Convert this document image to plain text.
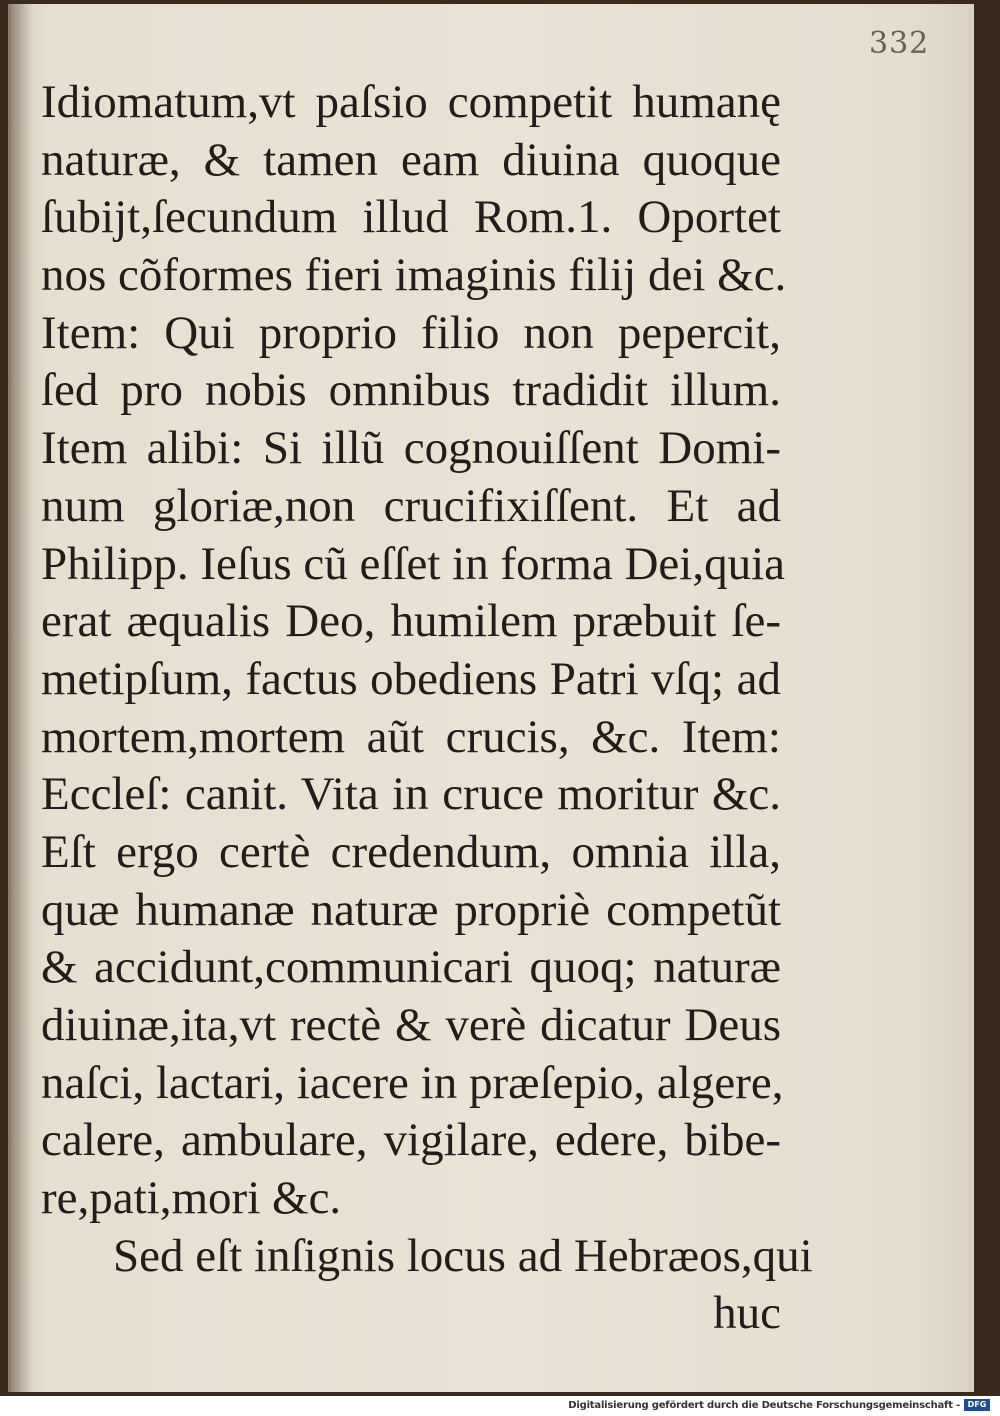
332
Idiomatum,vt paſsio competit humanę
naturæ, & tamen eam diuina quoque
ſubijt,ſecundum illud Rom.1. Oportet
nos cõformes fieri imaginis filij dei &c.
Item: Qui proprio filio non pepercit,
ſed pro nobis omnibus tradidit illum.
Item alibi: Si illũ cognouiſſent Domi-
num gloriæ,non crucifixiſſent. Et ad
Philipp. Ieſus cũ eſſet in forma Dei,quia
erat æqualis Deo, humilem præbuit ſe-
metipſum, factus obediens Patri vſq; ad
mortem,mortem aũt crucis, &c. Item:
Eccleſ: canit. Vita in cruce moritur &c.
Eſt ergo certè credendum, omnia illa,
quæ humanæ naturæ propriè competũt
& accidunt,communicari quoq; naturæ
diuinæ,ita,vt rectè & verè dicatur Deus
naſci, lactari, iacere in præſepio, algere,
calere, ambulare, vigilare, edere, bibe-
re,pati,mori &c.
Sed eſt inſignis locus ad Hebræos,qui
huc
Digitalisierung gefördert durch die Deutsche Forschungsgemeinschaft - DFG
